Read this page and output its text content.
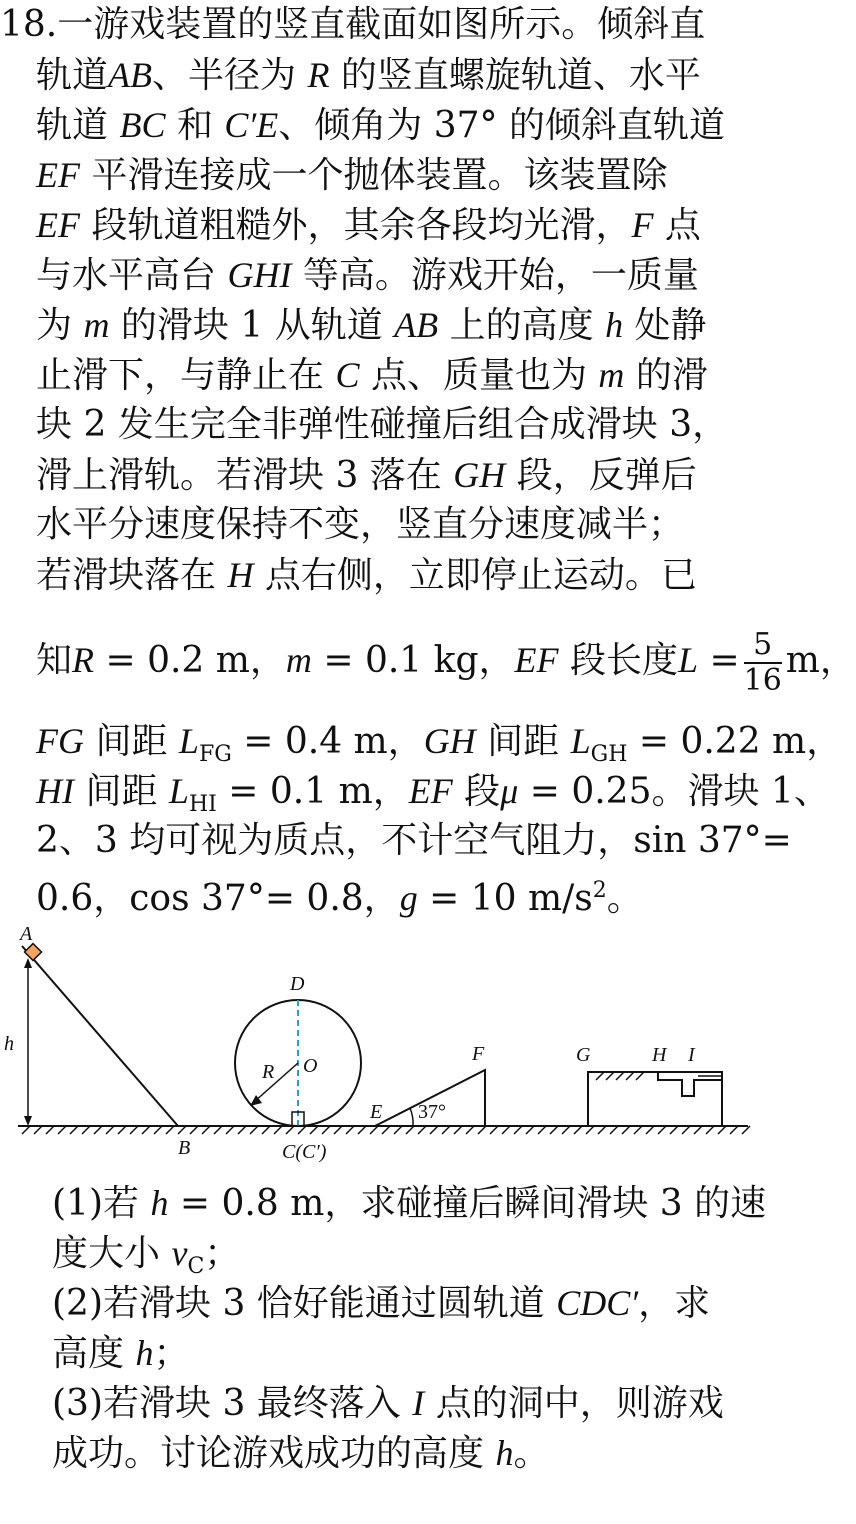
18.一游戏装置的竖直截面如图所示。倾斜直
轨道AB、半径为 R 的竖直螺旋轨道、水平
轨道 BC 和 C′E、倾角为 37° 的倾斜直轨道
EF 平滑连接成一个抛体装置。该装置除
EF 段轨道粗糙外，其余各段均光滑，F 点
与水平高台 GHI 等高。游戏开始，一质量
为 m 的滑块 1 从轨道 AB 上的高度 h 处静
止滑下，与静止在 C 点、质量也为 m 的滑
块 2 发生完全非弹性碰撞后组合成滑块 3，
滑上滑轨。若滑块 3 落在 GH 段，反弹后
水平分速度保持不变，竖直分速度减半；
若滑块落在 H 点右侧，立即停止运动。已
知R = 0.2 m，m = 0.1 kg，EF 段长度$L = \frac{5}{16}$ m，
FG 间距 $L_{FG} = 0.4$ m，GH 间距 $L_{GH} = 0.22$ m，
HI 间距 $L_{HI} = 0.1$ m，EF 段μ = 0.25。滑块 1、
2、3 均可视为质点，不计空气阻力，sin 37°=
0.6，cos 37°= 0.8，g = 10 $m/s^2$。
A
h
D
O
R
F	G	H I
E 37°
B	C(C′)
(1)若 h = 0.8 m，求碰撞后瞬间滑块 3 的速
度大小 $v_C$；
(2)若滑块 3 恰好能通过圆轨道 CDC′，求
高度 h；
(3)若滑块 3 最终落入 I 点的洞中，则游戏
成功。讨论游戏成功的高度 h。
